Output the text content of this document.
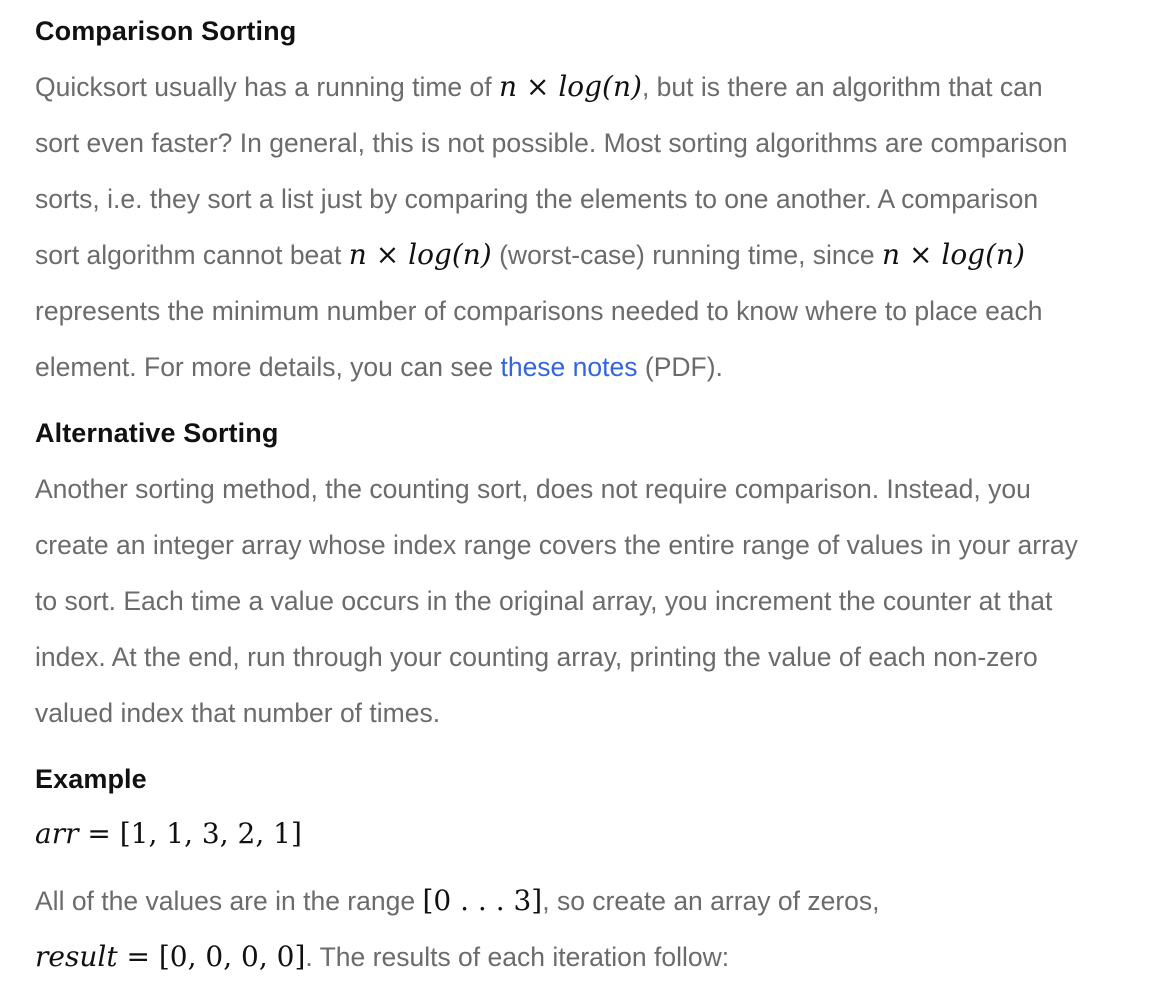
Comparison Sorting
Quicksort usually has a running time of n × log(n), but is there an algorithm that can
sort even faster? In general, this is not possible. Most sorting algorithms are comparison
sorts, i.e. they sort a list just by comparing the elements to one another. A comparison
sort algorithm cannot beat n × log(n) (worst-case) running time, since n × log(n)
represents the minimum number of comparisons needed to know where to place each
element. For more details, you can see these notes (PDF).
Alternative Sorting
Another sorting method, the counting sort, does not require comparison. Instead, you
create an integer array whose index range covers the entire range of values in your array
to sort. Each time a value occurs in the original array, you increment the counter at that
index. At the end, run through your counting array, printing the value of each non-zero
valued index that number of times.
Example
arr = [1, 1, 3, 2, 1]
All of the values are in the range [0 . . . 3], so create an array of zeros,
result = [0, 0, 0, 0]. The results of each iteration follow:
